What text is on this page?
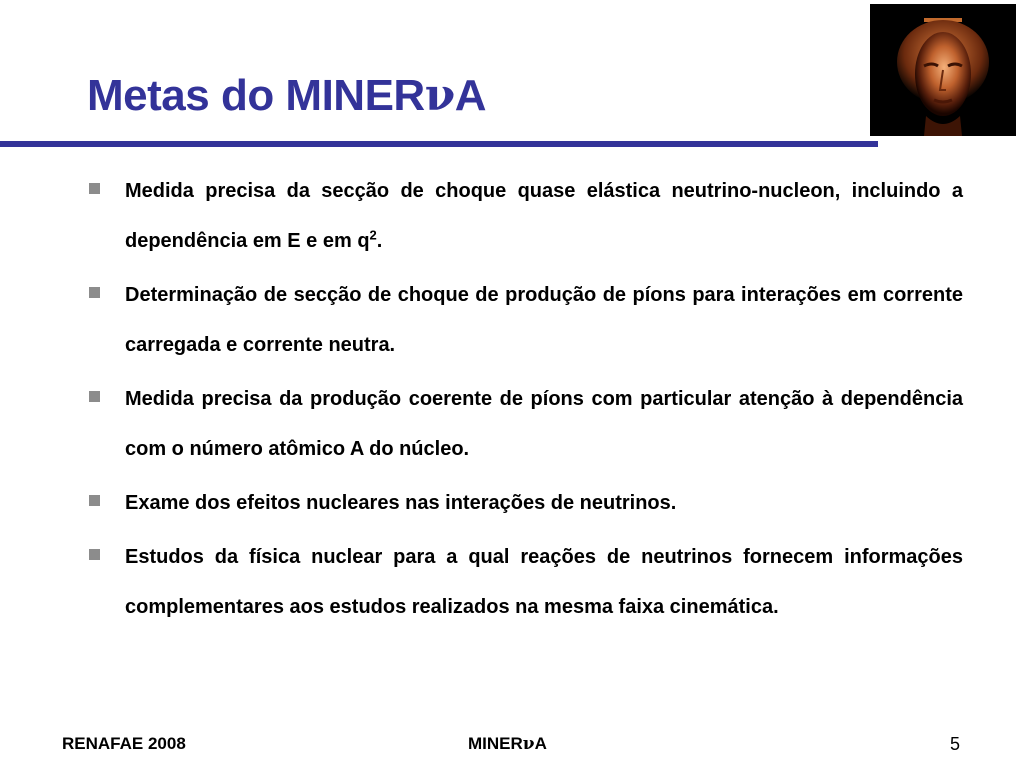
Metas do MINERνA
Medida precisa da secção de choque quase elástica neutrino-nucleon, incluindo a dependência em E e em $q^2$.
Determinação de secção de choque de produção de píons para interações em corrente carregada e corrente neutra.
Medida precisa da produção coerente de píons com particular atenção à dependência com o número atômico A do núcleo.
Exame dos efeitos nucleares nas interações de neutrinos.
Estudos da física nuclear para a qual reações de neutrinos fornecem informações complementares aos estudos realizados na mesma faixa cinemática.
RENAFAE 2008	MINERνA	5
